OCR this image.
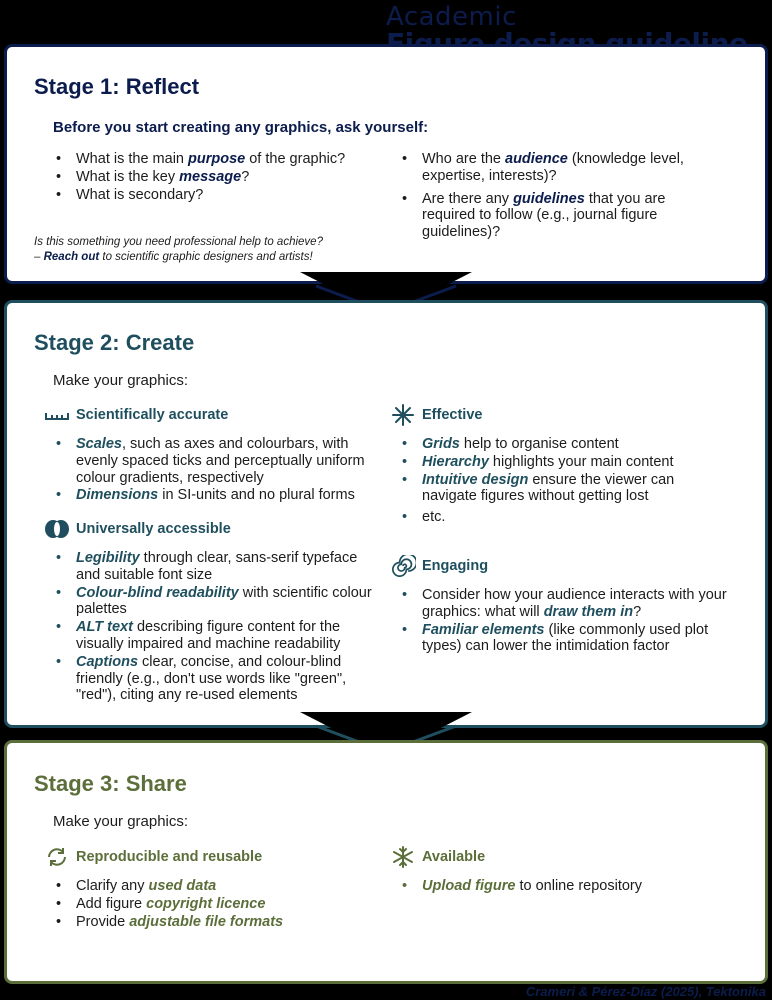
Academic
Stage 1: Reflect
Before you start creating any graphics, ask yourself:
• What is the main purpose of the graphic?
• What is the key message?
• What is secondary?
• Who are the audience (knowledge level, expertise, interests)?
• Are there any guidelines that you are required to follow (e.g., journal figure guidelines)?
Is this something you need professional help to achieve?
– Reach out to scientific graphic designers and artists!
Stage 2: Create
Make your graphics:
Scientifically accurate
• Scales, such as axes and colourbars, with evenly spaced ticks and perceptually uniform colour gradients, respectively
• Dimensions in SI-units and no plural forms
Universally accessible
• Legibility through clear, sans-serif typeface and suitable font size
• Colour-blind readability with scientific colour palettes
• ALT text describing figure content for the visually impaired and machine readability
• Captions clear, concise, and colour-blind friendly (e.g., don't use words like "green", "red"), citing any re-used elements
Effective
• Grids help to organise content
• Hierarchy highlights your main content
• Intuitive design ensure the viewer can navigate figures without getting lost
• etc.
Engaging
• Consider how your audience interacts with your graphics: what will draw them in?
• Familiar elements (like commonly used plot types) can lower the intimidation factor
Stage 3: Share
Make your graphics:
Reproducible and reusable
• Clarify any used data
• Add figure copyright licence
• Provide adjustable file formats
Available
• Upload figure to online repository
Crameri & Pérez-Díaz (2025), Tektonika
